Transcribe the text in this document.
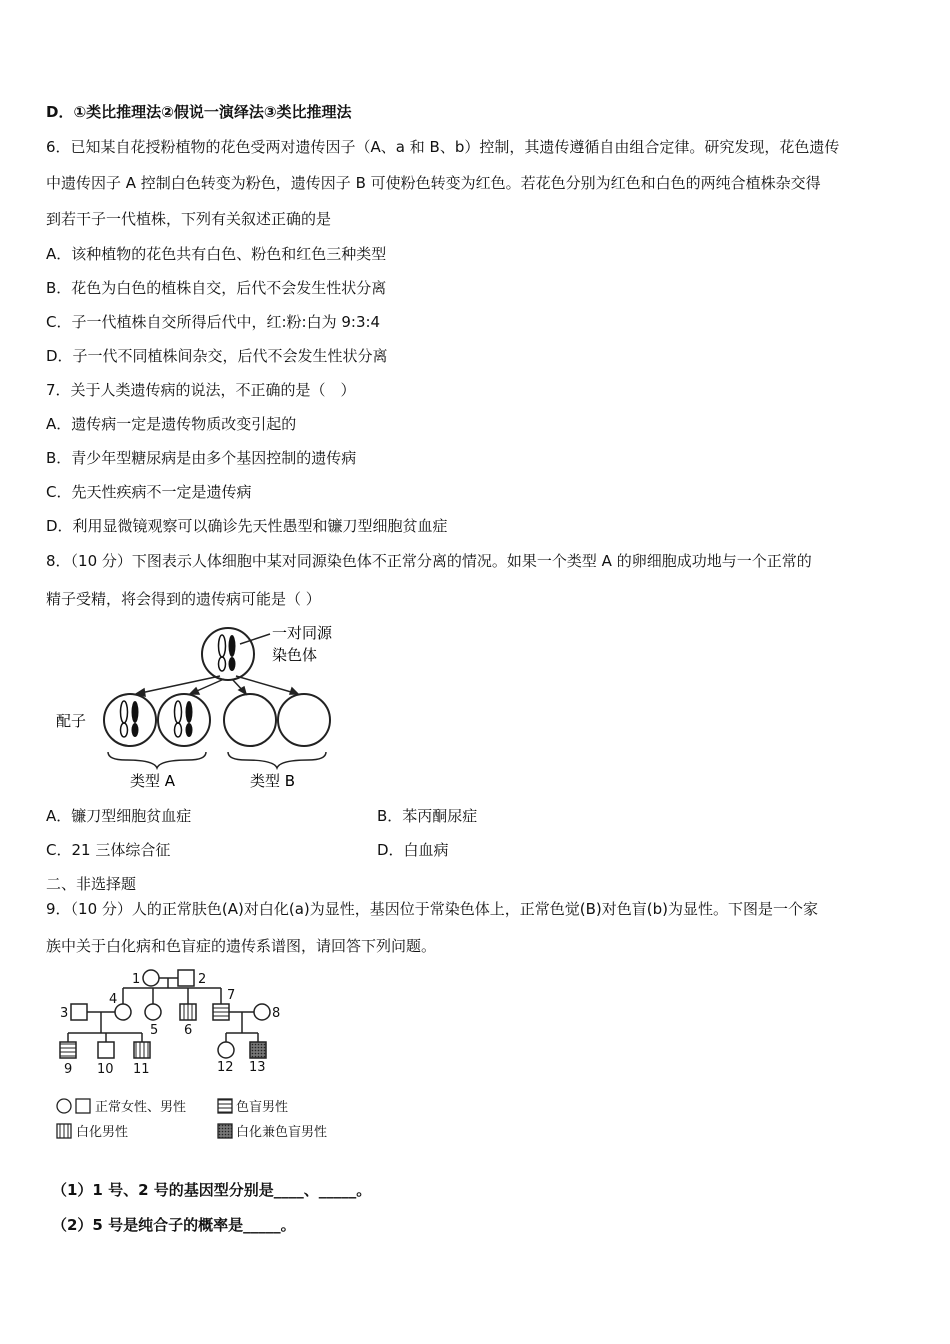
D．①类比推理法②假说一演绎法③类比推理法
6．已知某自花授粉植物的花色受两对遗传因子（A、a 和 B、b）控制，其遗传遵循自由组合定律。研究发现，花色遗传
中遗传因子 A 控制白色转变为粉色，遗传因子 B 可使粉色转变为红色。若花色分别为红色和白色的两纯合植株杂交得
到若干子一代植株，下列有关叙述正确的是
A．该种植物的花色共有白色、粉色和红色三种类型
B．花色为白色的植株自交，后代不会发生性状分离
C．子一代植株自交所得后代中，红:粉:白为 9:3:4
D．子一代不同植株间杂交，后代不会发生性状分离
7．关于人类遗传病的说法，不正确的是（　）
A．遗传病一定是遗传物质改变引起的
B．青少年型糖尿病是由多个基因控制的遗传病
C．先天性疾病不一定是遗传病
D．利用显微镜观察可以确诊先天性愚型和镰刀型细胞贫血症
8．（10 分）下图表示人体细胞中某对同源染色体不正常分离的情况。如果一个类型 A 的卵细胞成功地与一个正常的
精子受精，将会得到的遗传病可能是（ ）
一对同源
染色体
配子
类型 A	类型 B
A．镰刀型细胞贫血症	B．苯丙酮尿症
C．21 三体综合征	D．白血病
二、非选择题
9．（10 分）人的正常肤色(A)对白化(a)为显性，基因位于常染色体上，正常色觉(B)对色盲(b)为显性。下图是一个家
族中关于白化病和色盲症的遗传系谱图，请回答下列问题。
1	2
3
4
5 6
7
8
9 10 11	12 13
正常女性、男性	色盲男性
白化男性	白化兼色盲男性
（1）1 号、2 号的基因型分别是____、_____。
（2）5 号是纯合子的概率是_____。
